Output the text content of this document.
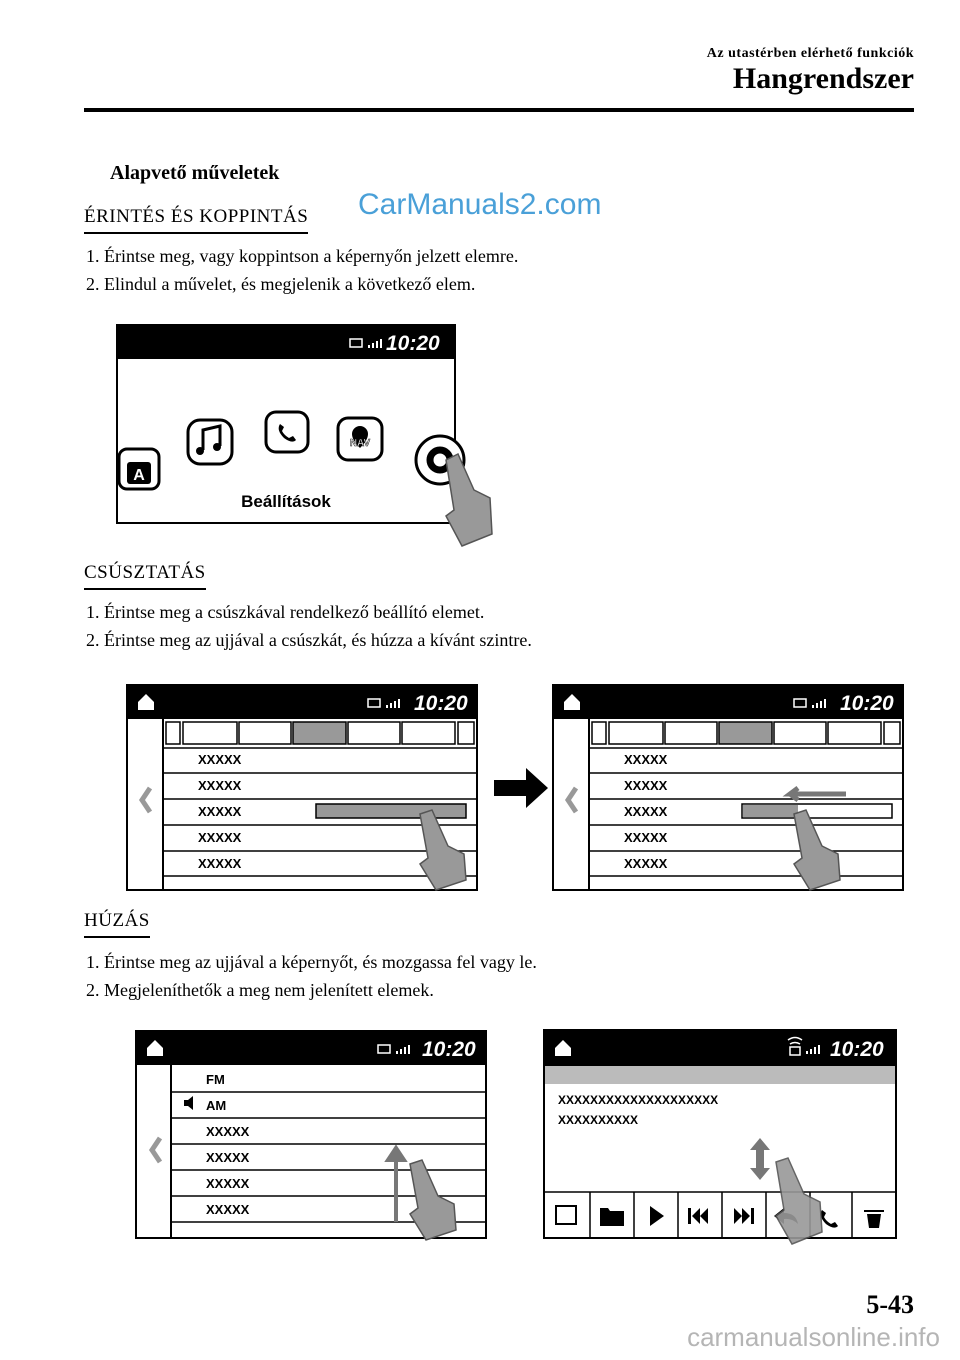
Az utastérben elérhető funkciók
Hangrendszer
Alapvető műveletek
ÉRINTÉS ÉS KOPPINTÁS CarManuals2.com
1. Érintse meg, vagy koppintson a képernyőn jelzett elemre.
2. Elindul a művelet, és megjelenik a következő elem.
10:20
A
NAV
Beállítások
CSÚSZTATÁS
1. Érintse meg a csúszkával rendelkező beállító elemet.
2. Érintse meg az ujjával a csúszkát, és húzza a kívánt szintre.
10:20
XXXXX
XXXXX
XXXXX
XXXXX
XXXXX
10:20
XXXXX
XXXXX
XXXXX
XXXXX
XXXXX
HÚZÁS
1. Érintse meg az ujjával a képernyőt, és mozgassa fel vagy le.
2. Megjeleníthetők a meg nem jelenített elemek.
10:20
FM
AM
XXXXX
XXXXX
XXXXX
XXXXX
10:20
XXXXXXXXXXXXXXXXXXXX
XXXXXXXXXX
5-43
carmanualsonline.info
